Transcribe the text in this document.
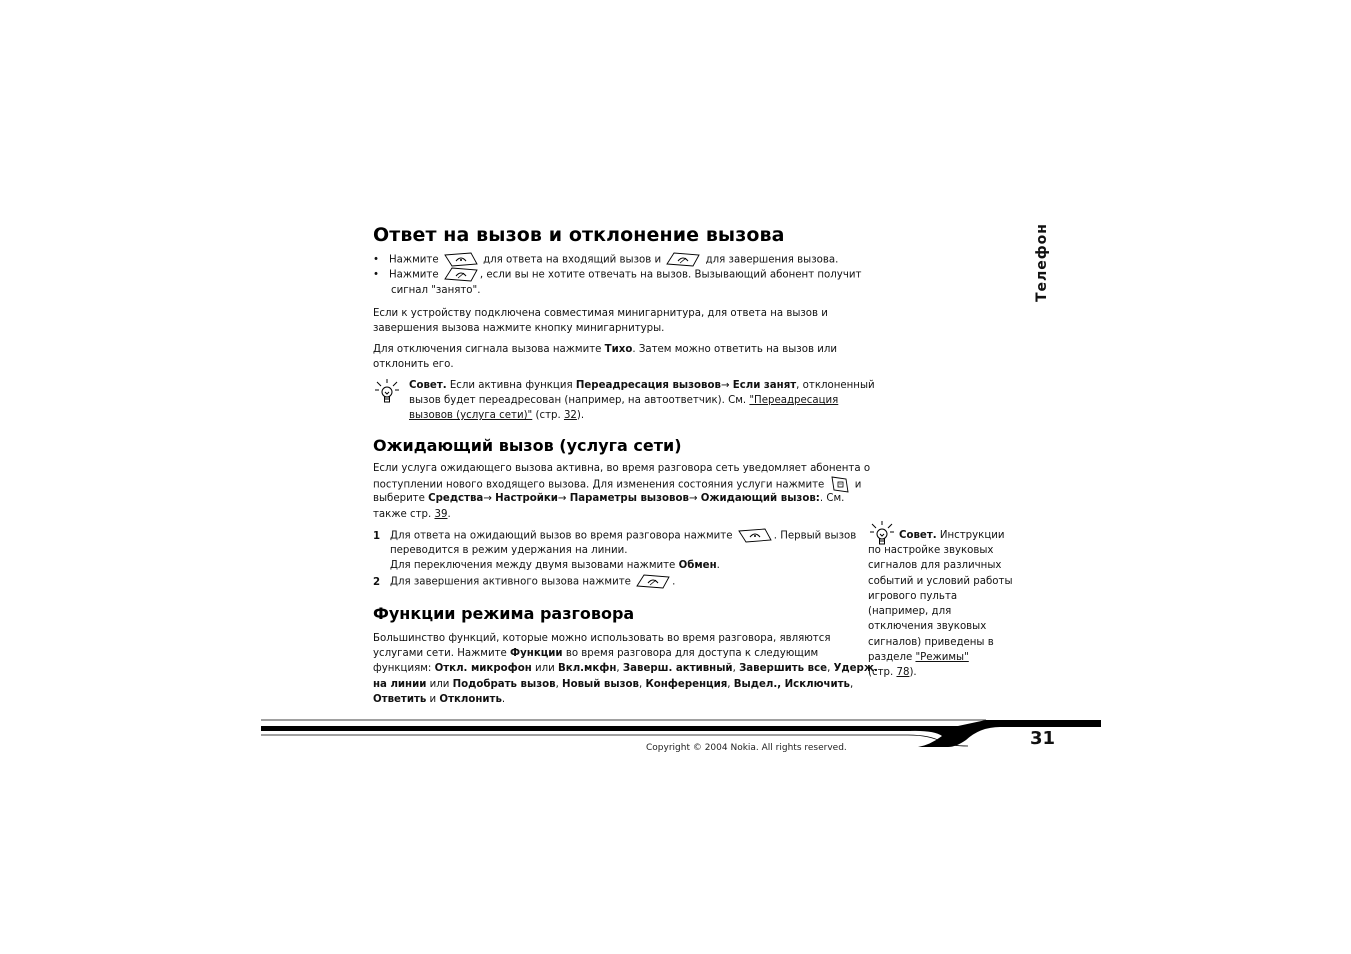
Телефон
Ответ на вызов и отклонение вызова
• Нажмите	для ответа на входящий вызов и	для завершения вызова.
• Нажмите	, если вы не хотите отвечать на вызов. Вызывающий абонент получит
сигнал "занято".
Если к устройству подключена совместимая минигарнитура, для ответа на вызов и
завершения вызова нажмите кнопку минигарнитуры.
Для отключения сигнала вызова нажмите Тихо. Затем можно ответить на вызов или
отклонить его.
Совет. Если активна функция Переадресация вызовов→ Если занят, отклоненный
вызов будет переадресован (например, на автоответчик). См. "Переадресация
вызовов (услуга сети)" (стр. 32).
Ожидающий вызов (услуга сети)
Если услуга ожидающего вызова активна, во время разговора сеть уведомляет абонента о
поступлении нового входящего вызова. Для изменения состояния услуги нажмите	и
выберите Средства→ Настройки→ Параметры вызовов→ Ожидающий вызов:. См.
также стр. 39.
1 Для ответа на ожидающий вызов во время разговора нажмите	. Первый вызов
переводится в режим удержания на линии.
Для переключения между двумя вызовами нажмите Обмен.
2 Для завершения активного вызова нажмите	.
Функции режима разговора
Большинство функций, которые можно использовать во время разговора, являются
услугами сети. Нажмите Функции во время разговора для доступа к следующим
функциям: Откл. микрофон или Вкл.мкфн, Заверш. активный, Завершить все, Удерж.
на линии или Подобрать вызов, Новый вызов, Конференция, Выдел., Исключить,
Ответить и Отклонить.
Совет. Инструкции
по настройке звуковых
сигналов для различных
событий и условий работы
игрового пульта
(например, для
отключения звуковых
сигналов) приведены в
разделе "Режимы"
(стр. 78).
31
Copyright © 2004 Nokia. All rights reserved.
